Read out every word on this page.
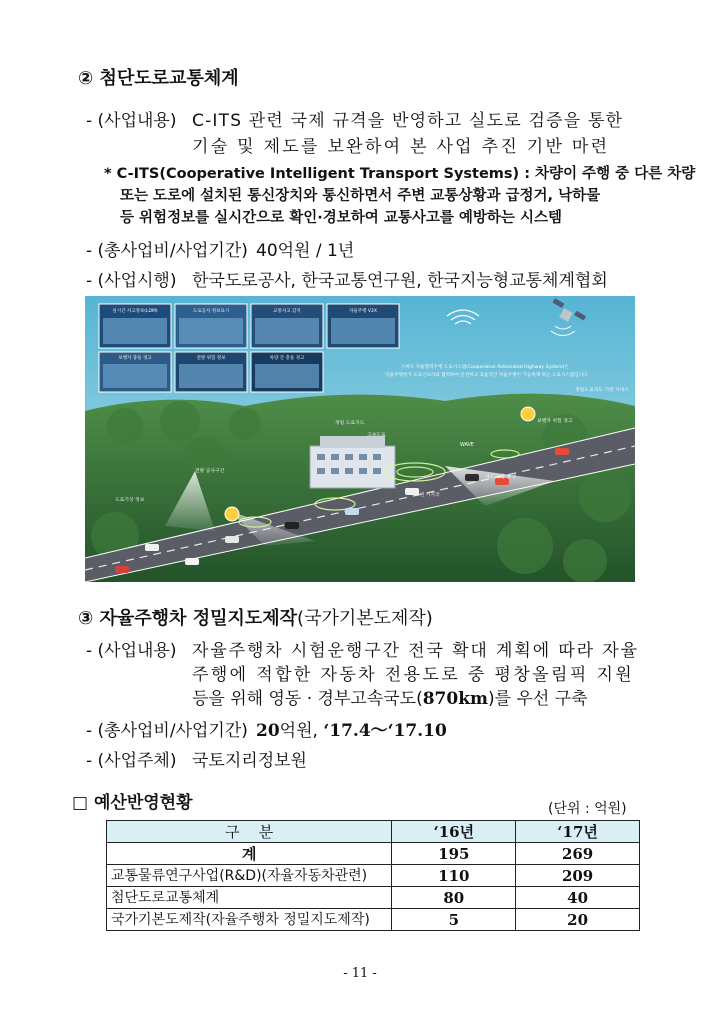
② 첨단도로교통체계
- (사업내용) C-ITS 관련 국제 규격을 반영하고 실도로 검증을 통한
기술 및 제도를 보완하여 본 사업 추진 기반 마련
* C-ITS(Cooperative Intelligent Transport Systems) : 차량이 주행 중 다른 차량
또는 도로에 설치된 통신장치와 통신하면서 주변 교통상황과 급정거, 낙하물
등 위험정보를 실시간으로 확인·경보하여 교통사고를 예방하는 시스템
- (총사업비/사업기간) 40억원 / 1년
- (사업시행) 한국도로공사, 한국교통연구원, 한국지능형교통체계협회
실시간 사고정보(LDM)	도로공사 정보표시	교통사고 감지	자율주행 V2X
보행자 충돌 경고	전방 위험 정보	차량 간 충돌 경고
스마트 자율협력주행 도로시스템(Cooperative Automated Highway System)은
자율주행차가 도로인프라와 협력하여 안전하고 효율적인 자율주행이 가능하게 하는 도로시스템입니다.
정밀도로지도 기반 서비스
정밀 도로지도
고속도로
WAVE
노변 기지국
보행자 위험 경고
사고 차량 발생
전방 공사구간
도로기상 정보
③ 자율주행차 정밀지도제작(국가기본도제작)
- (사업내용) 자율주행차 시험운행구간 전국 확대 계획에 따라 자율
주행에 적합한 자동차 전용도로 중 평창올림픽 지원
등을 위해 영동 · 경부고속국도(870km)를 우선 구축
- (총사업비/사업기간) 20억원, ‘17.4～‘17.10
- (사업주체) 국토지리정보원
□ 예산반영현황	(단위 : 억원)
구    분	‘16년	‘17년
계	195	269
교통물류연구사업(R&D)(자율자동차관련)	110	209
첨단도로교통체계	80	40
국가기본도제작(자율주행차 정밀지도제작)	5	20
- 11 -
